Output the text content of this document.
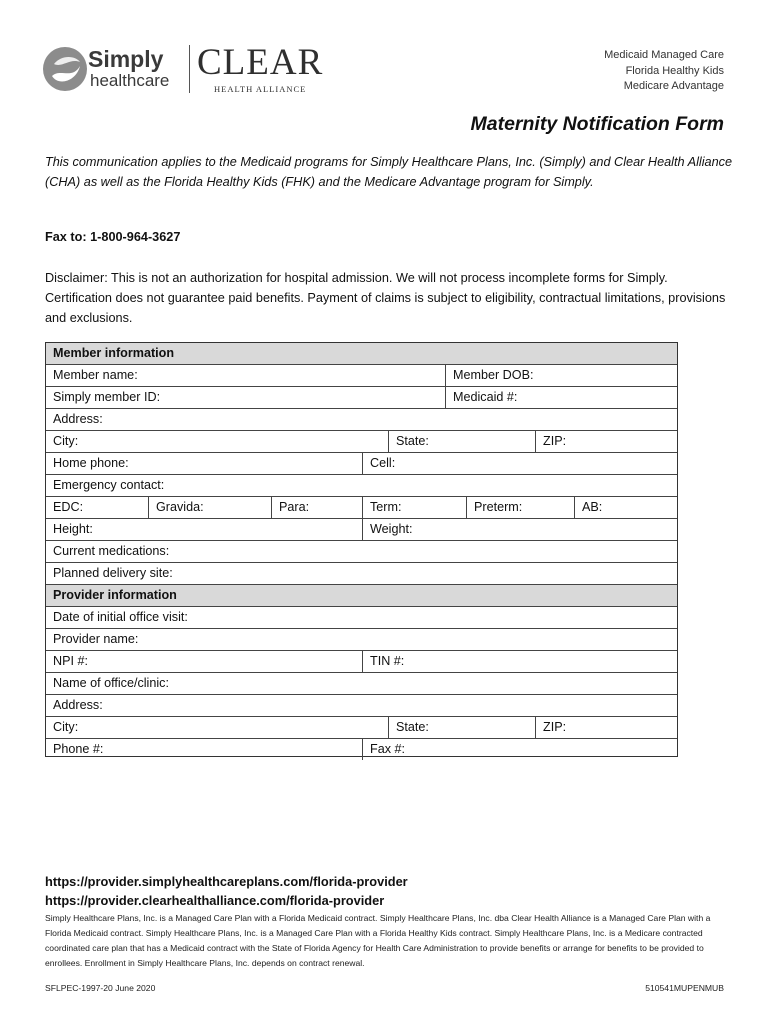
Simply
healthcare CLEAR
HEALTH ALLIANCE
Medicaid Managed Care
Florida Healthy Kids
Medicare Advantage
Maternity Notification Form
This communication applies to the Medicaid programs for Simply Healthcare Plans, Inc. (Simply) and Clear Health Alliance (CHA) as well as the Florida Healthy Kids (FHK) and the Medicare Advantage program for Simply.
Fax to: 1-800-964-3627
Disclaimer: This is not an authorization for hospital admission. We will not process incomplete forms for Simply. Certification does not guarantee paid benefits. Payment of claims is subject to eligibility, contractual limitations, provisions and exclusions.
Member information
Member name:	Member DOB:
Simply member ID:	Medicaid #:
Address:
City:	State:	ZIP:
Home phone:	Cell:
Emergency contact:
EDC:	Gravida:	Para:	Term:	Preterm:	AB:
Height:	Weight:
Current medications:
Planned delivery site:
Provider information
Date of initial office visit:
Provider name:
NPI #:	TIN #:
Name of office/clinic:
Address:
City:	State:	ZIP:
Phone #:	Fax #:
https://provider.simplyhealthcareplans.com/florida-provider
https://provider.clearhealthalliance.com/florida-provider
Simply Healthcare Plans, Inc. is a Managed Care Plan with a Florida Medicaid contract. Simply Healthcare Plans, Inc. dba Clear Health Alliance is a Managed Care Plan with a Florida Medicaid contract. Simply Healthcare Plans, Inc. is a Managed Care Plan with a Florida Healthy Kids contract. Simply Healthcare Plans, Inc. is a Medicare contracted coordinated care plan that has a Medicaid contract with the State of Florida Agency for Health Care Administration to provide benefits or arrange for benefits to be provided to enrollees. Enrollment in Simply Healthcare Plans, Inc. depends on contract renewal.
SFLPEC-1997-20 June 2020	510541MUPENMUB
